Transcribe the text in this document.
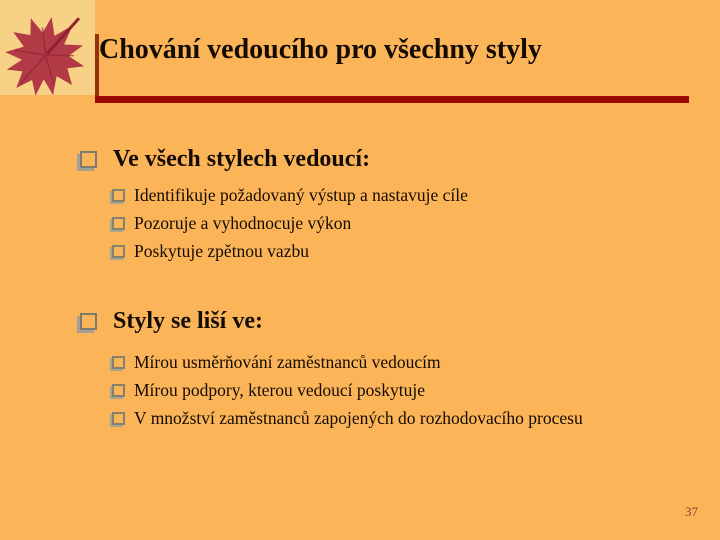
Chování vedoucího pro všechny styly
Ve všech stylech vedoucí:
Identifikuje požadovaný výstup a nastavuje cíle
Pozoruje a vyhodnocuje výkon
Poskytuje zpětnou vazbu
Styly se liší ve:
Mírou usměrňování zaměstnanců vedoucím
Mírou podpory, kterou vedoucí poskytuje
V množství zaměstnanců zapojených do rozhodovacího procesu
37
